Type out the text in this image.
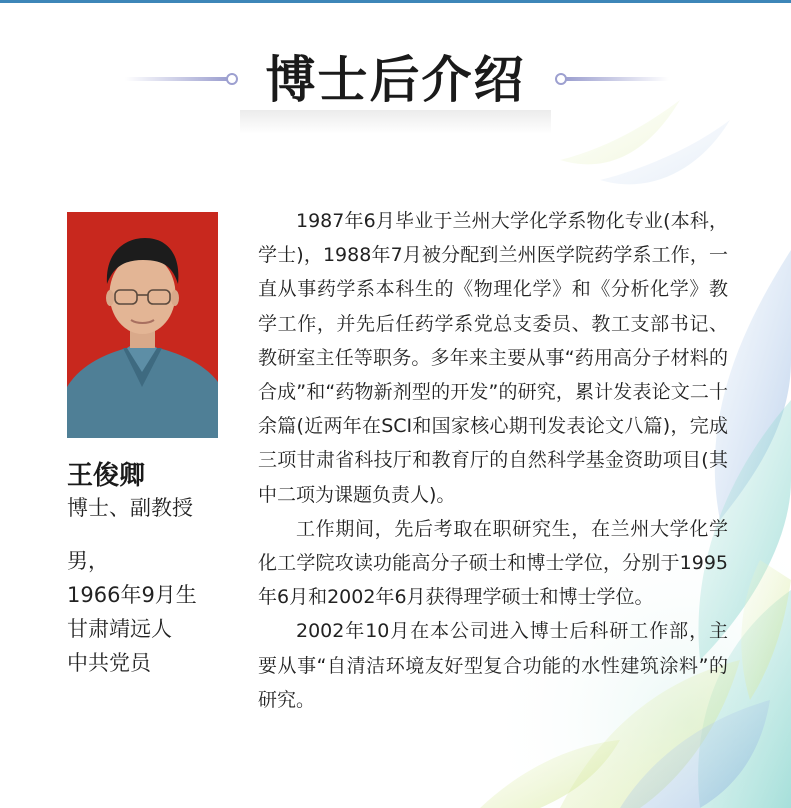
博士后介绍

王俊卿

博士、副教授

男，

1966年9月生

甘肃靖远人

中共党员

1987年6月毕业于兰州大学化学系物化专业(本科，学士)，1988年7月被分配到兰州医学院药学系工作，一直从事药学系本科生的《物理化学》和《分析化学》教学工作，并先后任药学系党总支委员、教工支部书记、教研室主任等职务。多年来主要从事“药用高分子材料的合成”和“药物新剂型的开发”的研究，累计发表论文二十余篇(近两年在SCI和国家核心期刊发表论文八篇)，完成三项甘肃省科技厅和教育厅的自然科学基金资助项目(其中二项为课题负责人)。

工作期间，先后考取在职研究生，在兰州大学化学化工学院攻读功能高分子硕士和博士学位，分别于1995年6月和2002年6月获得理学硕士和博士学位。

2002年10月在本公司进入博士后科研工作部，主要从事“自清洁环境友好型复合功能的水性建筑涂料”的研究。
